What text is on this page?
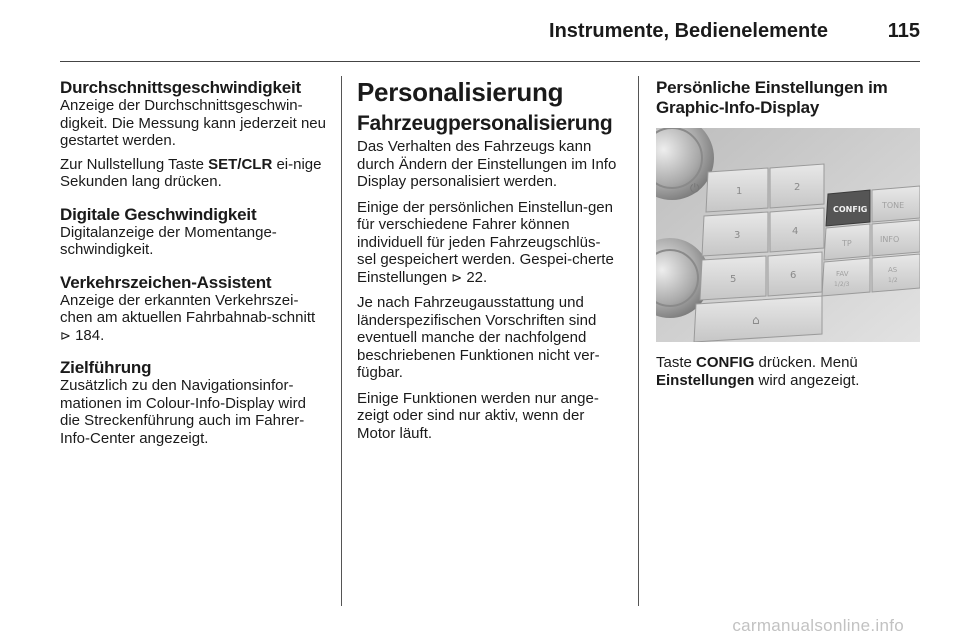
Instrumente, Bedienelemente	115
Durchschnittsgeschwindigkeit

Anzeige der Durchschnittsgeschwin-digkeit. Die Messung kann jederzeit neu gestartet werden.

Zur Nullstellung Taste SET/CLR ei-nige Sekunden lang drücken.

Digitale Geschwindigkeit

Digitalanzeige der Momentange-schwindigkeit.

Verkehrszeichen-Assistent

Anzeige der erkannten Verkehrszei-chen am aktuellen Fahrbahnab-schnitt ⊳ 184.

Zielführung

Zusätzlich zu den Navigationsinfor-mationen im Colour-Info-Display wird die Streckenführung auch im Fahrer-Info-Center angezeigt.

Personalisierung
Fahrzeugpersonalisierung

Das Verhalten des Fahrzeugs kann durch Ändern der Einstellungen im Info Display personalisiert werden.

Einige der persönlichen Einstellun-gen für verschiedene Fahrer können individuell für jeden Fahrzeugschlüs-sel gespeichert werden. Gespei-cherte Einstellungen ⊳ 22.

Je nach Fahrzeugausstattung und länderspezifischen Vorschriften sind eventuell manche der nachfolgend beschriebenen Funktionen nicht ver-fügbar.

Einige Funktionen werden nur ange-zeigt oder sind nur aktiv, wenn der Motor läuft.

Persönliche Einstellungen im Graphic-Info-Display
⏻	1	2
3	4
5	6
⌂
CONFIG TONE
TP	INFO
FAV
1/2/3
AS
1/2

Taste CONFIG drücken. Menü
Einstellungen wird angezeigt.

carmanualsonline.info
